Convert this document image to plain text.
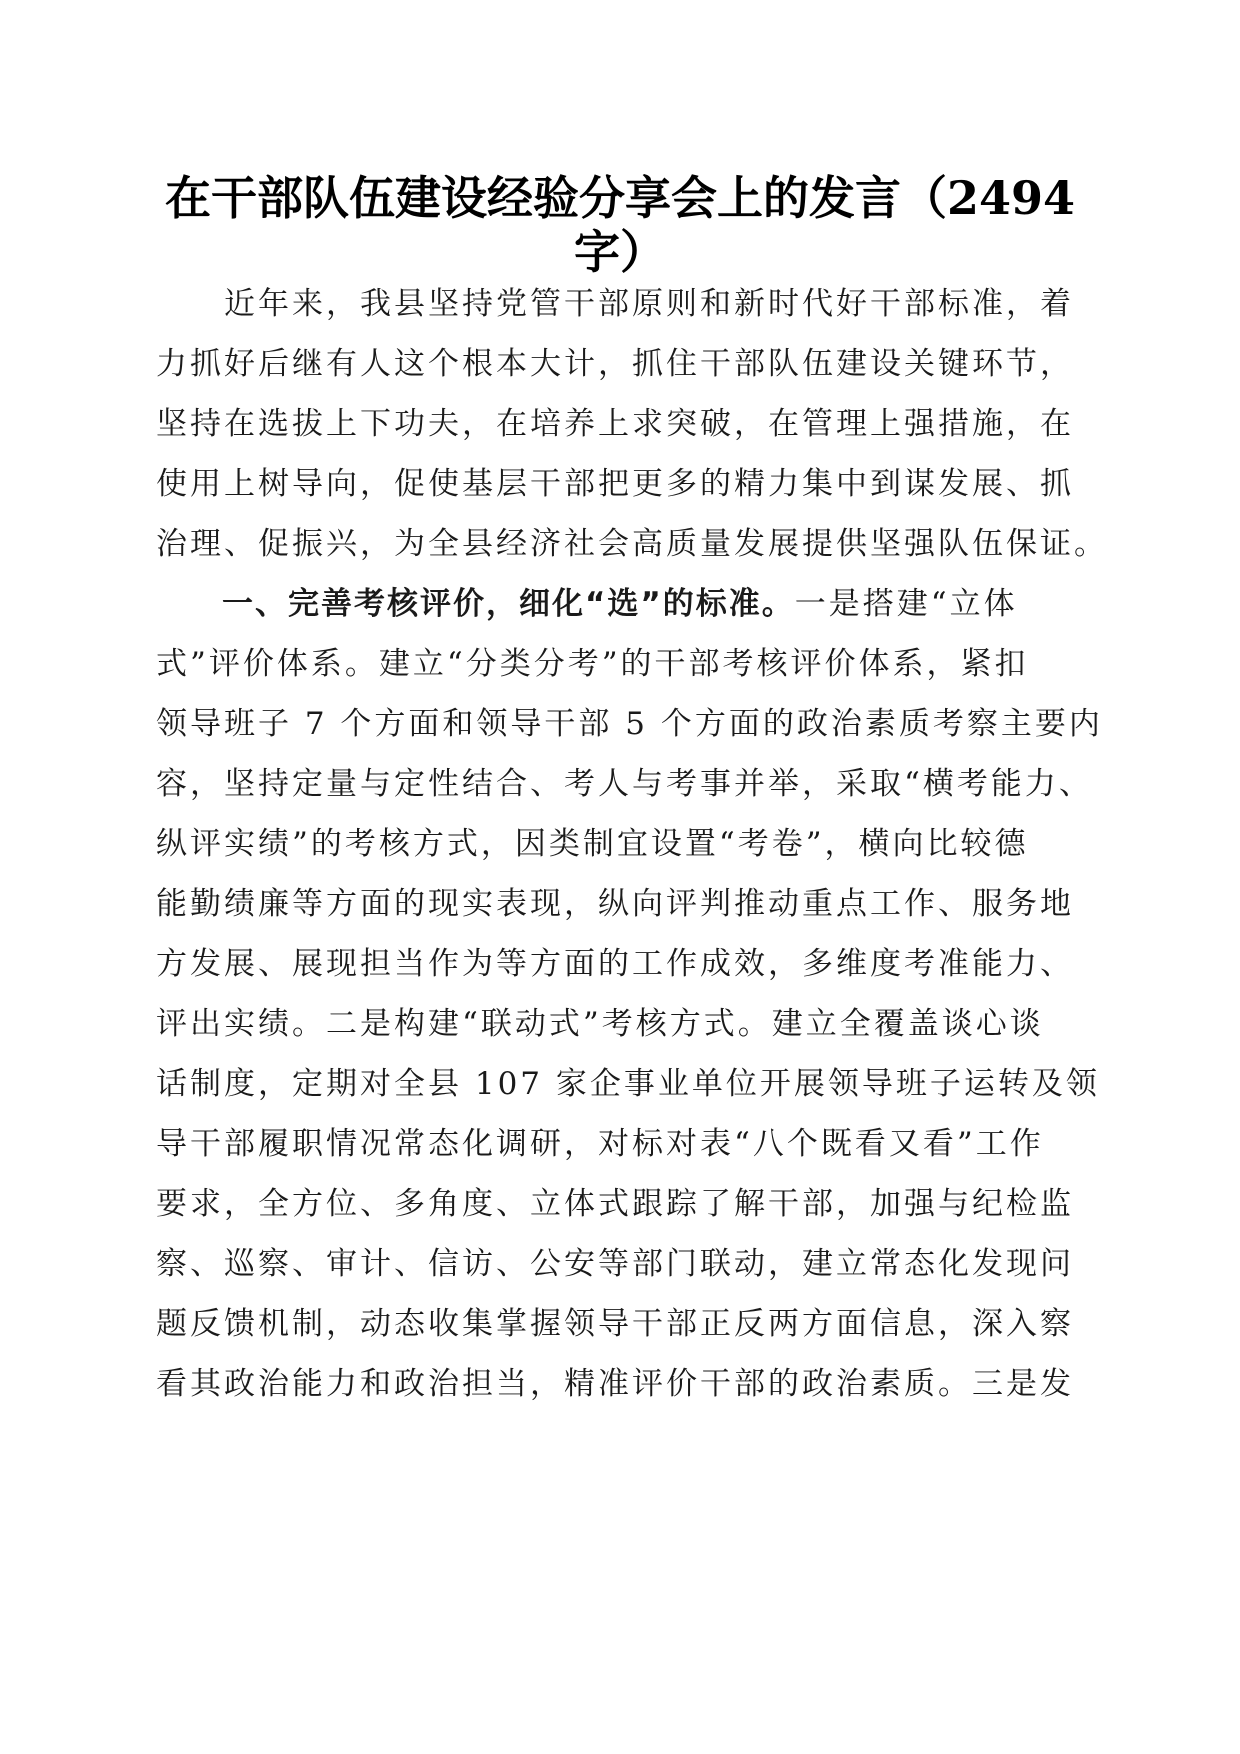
在干部队伍建设经验分享会上的发言（2494
字）
　　近年来，我县坚持党管干部原则和新时代好干部标准，着
力抓好后继有人这个根本大计，抓住干部队伍建设关键环节，
坚持在选拔上下功夫，在培养上求突破，在管理上强措施，在
使用上树导向，促使基层干部把更多的精力集中到谋发展、抓
治理、促振兴，为全县经济社会高质量发展提供坚强队伍保证。
　　一、完善考核评价，细化“选”的标准。一是搭建“立体
式”评价体系。建立“分类分考”的干部考核评价体系，紧扣
领导班子 7 个方面和领导干部 5 个方面的政治素质考察主要内
容，坚持定量与定性结合、考人与考事并举，采取“横考能力、
纵评实绩”的考核方式，因类制宜设置“考卷”，横向比较德
能勤绩廉等方面的现实表现，纵向评判推动重点工作、服务地
方发展、展现担当作为等方面的工作成效，多维度考准能力、
评出实绩。二是构建“联动式”考核方式。建立全覆盖谈心谈
话制度，定期对全县 107 家企事业单位开展领导班子运转及领
导干部履职情况常态化调研，对标对表“八个既看又看”工作
要求，全方位、多角度、立体式跟踪了解干部，加强与纪检监
察、巡察、审计、信访、公安等部门联动，建立常态化发现问
题反馈机制，动态收集掌握领导干部正反两方面信息，深入察
看其政治能力和政治担当，精准评价干部的政治素质。三是发
